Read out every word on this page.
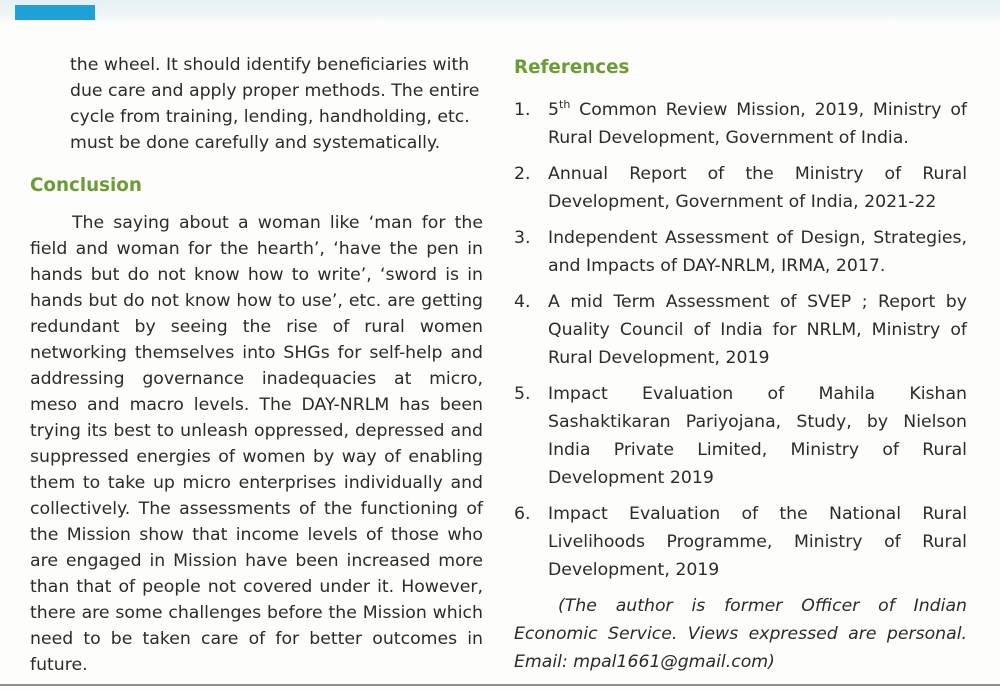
the wheel. It should identify beneficiaries with due care and apply proper methods. The entire cycle from training, lending, handholding, etc. must be done carefully and systematically.

Conclusion

The saying about a woman like ‘man for the field and woman for the hearth’, ‘have the pen in hands but do not know how to write’, ‘sword is in hands but do not know how to use’, etc. are getting redundant by seeing the rise of rural women networking themselves into SHGs for self-help and addressing governance inadequacies at micro, meso and macro levels. The DAY-NRLM has been trying its best to unleash oppressed, depressed and suppressed energies of women by way of enabling them to take up micro enterprises individually and collectively. The assessments of the functioning of the Mission show that income levels of those who are engaged in Mission have been increased more than that of people not covered under it. However, there are some challenges before the Mission which need to be taken care of for better outcomes in future.

References
1.	5th Common Review Mission, 2019, Ministry of Rural Development, Government of India.
2.	Annual Report of the Ministry of Rural Development, Government of India, 2021-22
3.	Independent Assessment of Design, Strategies, and Impacts of DAY-NRLM, IRMA, 2017.
4.	A mid Term Assessment of SVEP ; Report by Quality Council of India for NRLM, Ministry of Rural Development, 2019
5.	Impact Evaluation of Mahila Kishan Sashaktikaran Pariyojana, Study, by Nielson India Private Limited, Ministry of Rural Development 2019
6.	Impact Evaluation of the National Rural Livelihoods Programme, Ministry of Rural Development, 2019

(The author is former Officer of Indian Economic Service. Views expressed are personal. Email: mpal1661@gmail.com)
